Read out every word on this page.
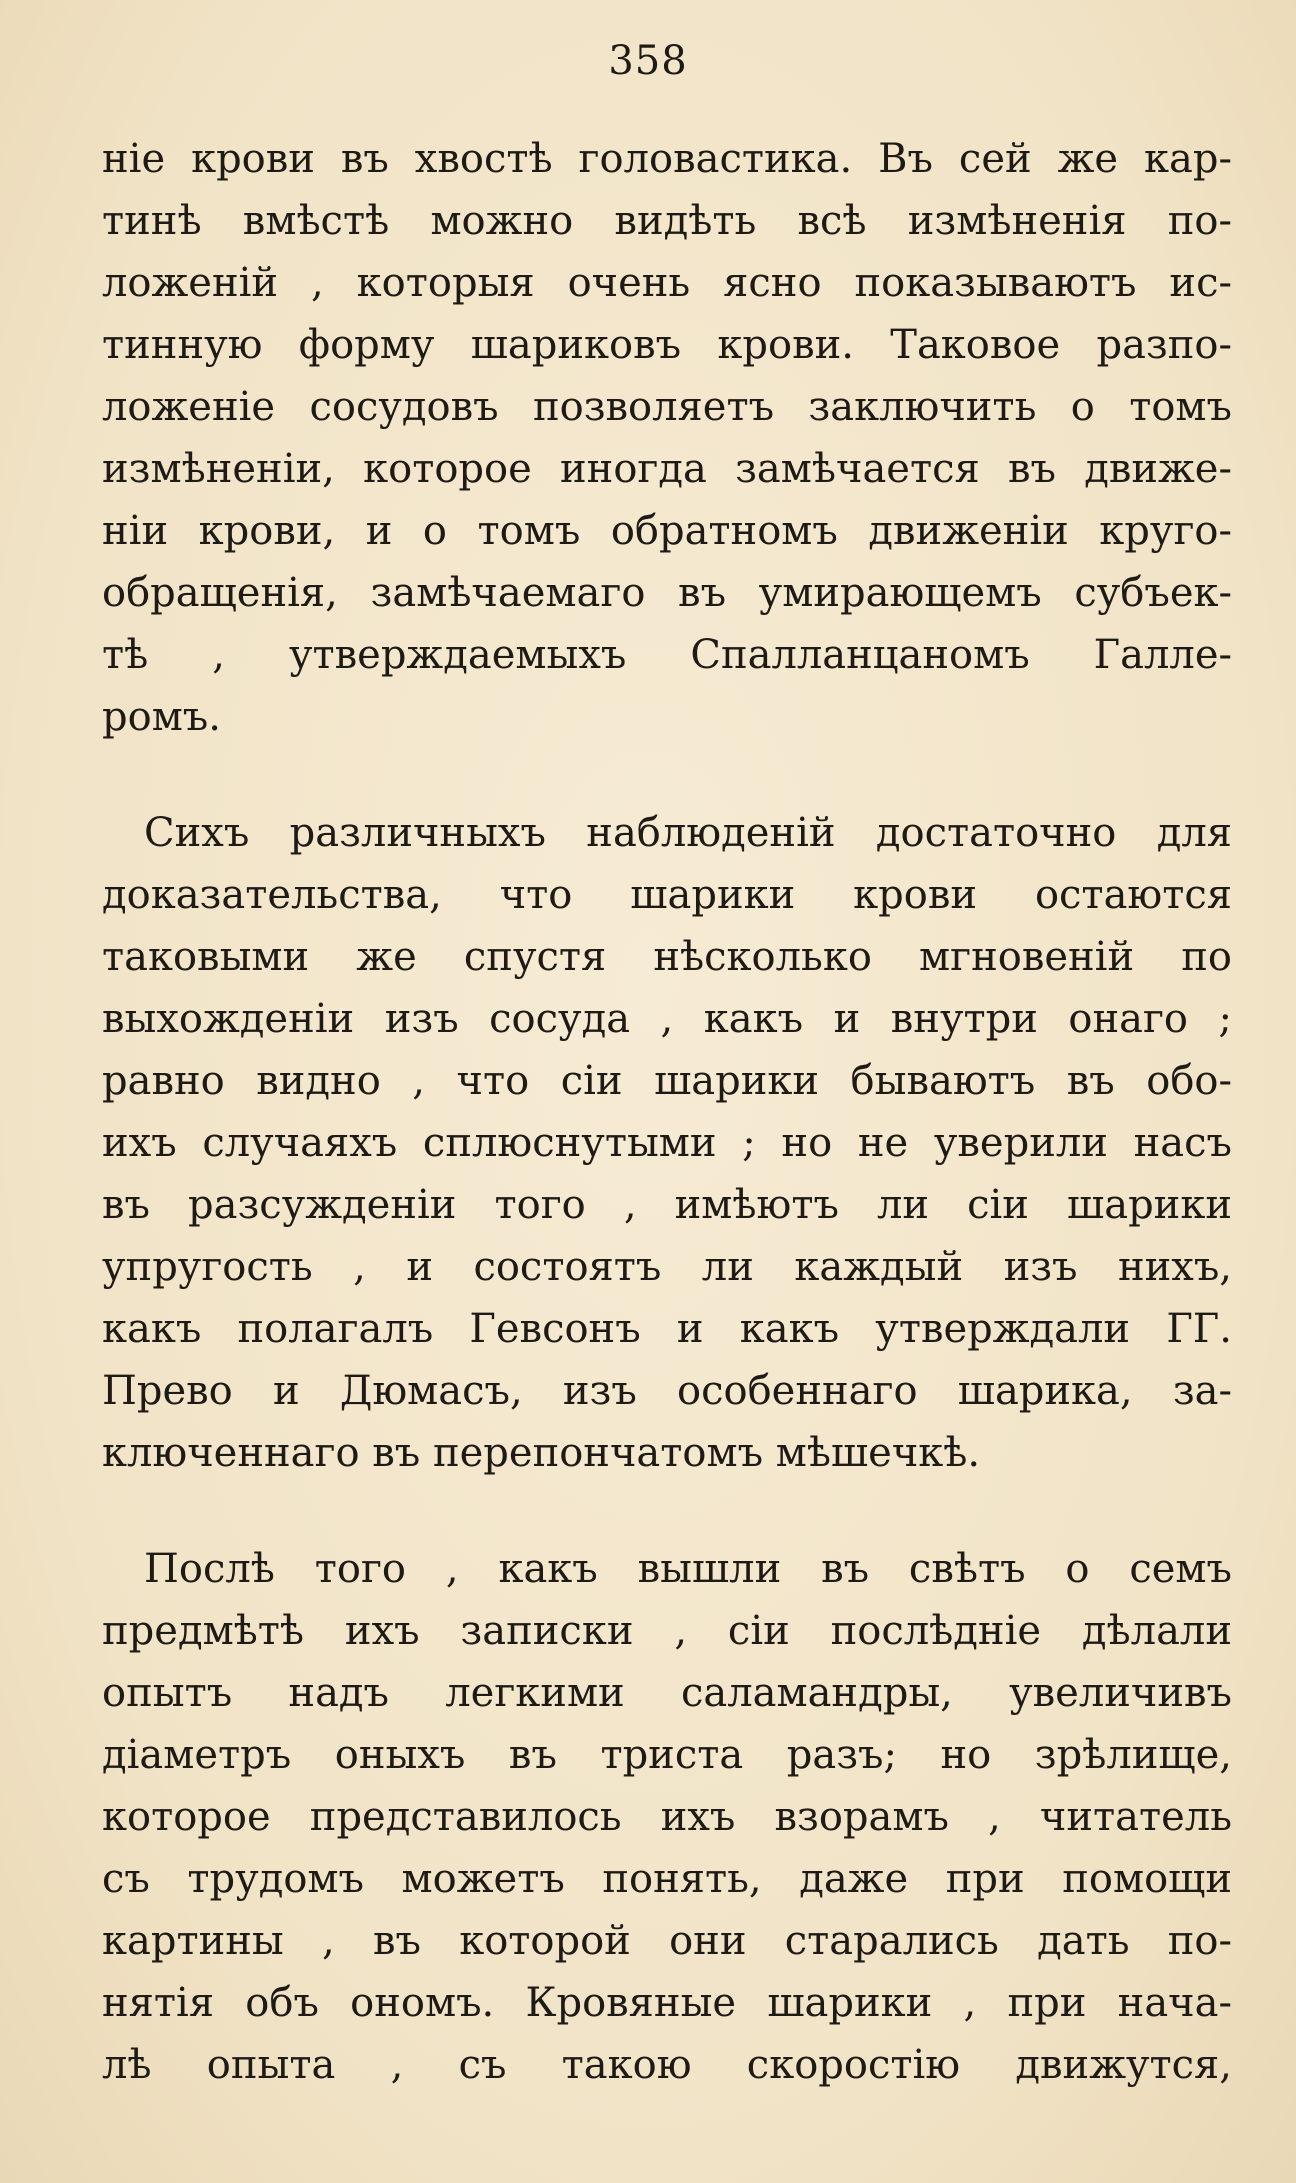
358
ніе крови въ хвостѣ головастика. Въ сей же кар-
тинѣ вмѣстѣ можно видѣть всѣ измѣненія по-
ложеній , которыя очень ясно показываютъ ис-
тинную форму шариковъ крови. Таковое разпо-
ложеніе сосудовъ позволяетъ заключить о томъ
измѣненіи, которое иногда замѣчается въ движе-
ніи крови, и о томъ обратномъ движеніи круго-
обращенія, замѣчаемаго въ умирающемъ субъек-
тѣ , утверждаемыхъ Спалланцаномъ Галле-
ромъ.
Сихъ различныхъ наблюденій достаточно для
доказательства, что шарики крови остаются
таковыми же спустя нѣсколько мгновеній по
выхожденіи изъ сосуда , какъ и внутри онаго ;
равно видно , что сіи шарики бываютъ въ обо-
ихъ случаяхъ сплюснутыми ; но не уверили насъ
въ разсужденіи того , имѣютъ ли сіи шарики
упругость , и состоятъ ли каждый изъ нихъ,
какъ полагалъ Гевсонъ и какъ утверждали ГГ.
Прево и Дюмасъ, изъ особеннаго шарика, за-
ключеннаго въ перепончатомъ мѣшечкѣ.
Послѣ того , какъ вышли въ свѣтъ о семъ
предмѣтѣ ихъ записки , сіи послѣдніе дѣлали
опытъ надъ легкими саламандры, увеличивъ
діаметръ оныхъ въ триста разъ; но зрѣлище,
которое представилось ихъ взорамъ , читатель
съ трудомъ можетъ понять, даже при помощи
картины , въ которой они старались дать по-
нятія объ ономъ. Кровяные шарики , при нача-
лѣ опыта , съ такою скоростію движутся,
